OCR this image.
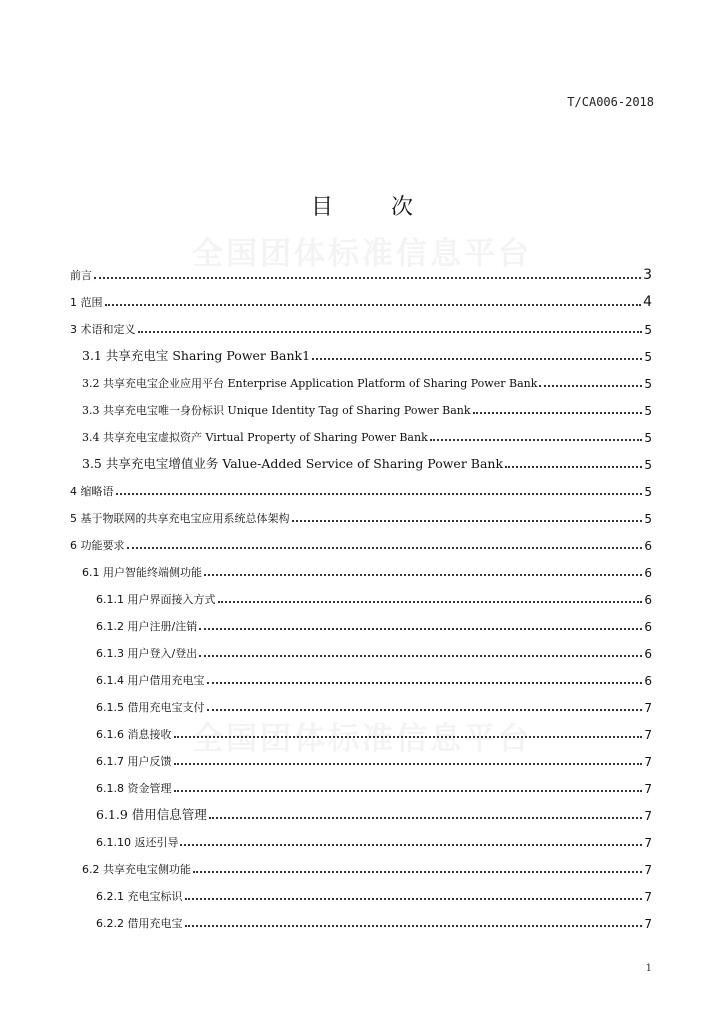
T/CA006-2018
目	次
全国团体标准信息平台
全国团体标准信息平台
前言	3
1 范围	4
3 术语和定义	5
3.1 共享充电宝 Sharing Power Bank1	5
3.2 共享充电宝企业应用平台 Enterprise Application Platform of Sharing Power Bank	5
3.3 共享充电宝唯一身份标识 Unique Identity Tag of Sharing Power Bank	5
3.4 共享充电宝虚拟资产 Virtual Property of Sharing Power Bank	5
3.5 共享充电宝增值业务 Value-Added Service of Sharing Power Bank	5
4 缩略语	5
5 基于物联网的共享充电宝应用系统总体架构	5
6 功能要求	6
6.1 用户智能终端侧功能	6
6.1.1 用户界面接入方式	6
6.1.2 用户注册/注销	6
6.1.3 用户登入/登出	6
6.1.4 用户借用充电宝	6
6.1.5 借用充电宝支付	7
6.1.6 消息接收	7
6.1.7 用户反馈	7
6.1.8 资金管理	7
6.1.9 借用信息管理	7
6.1.10 返还引导	7
6.2 共享充电宝侧功能	7
6.2.1 充电宝标识	7
6.2.2 借用充电宝	7
1
